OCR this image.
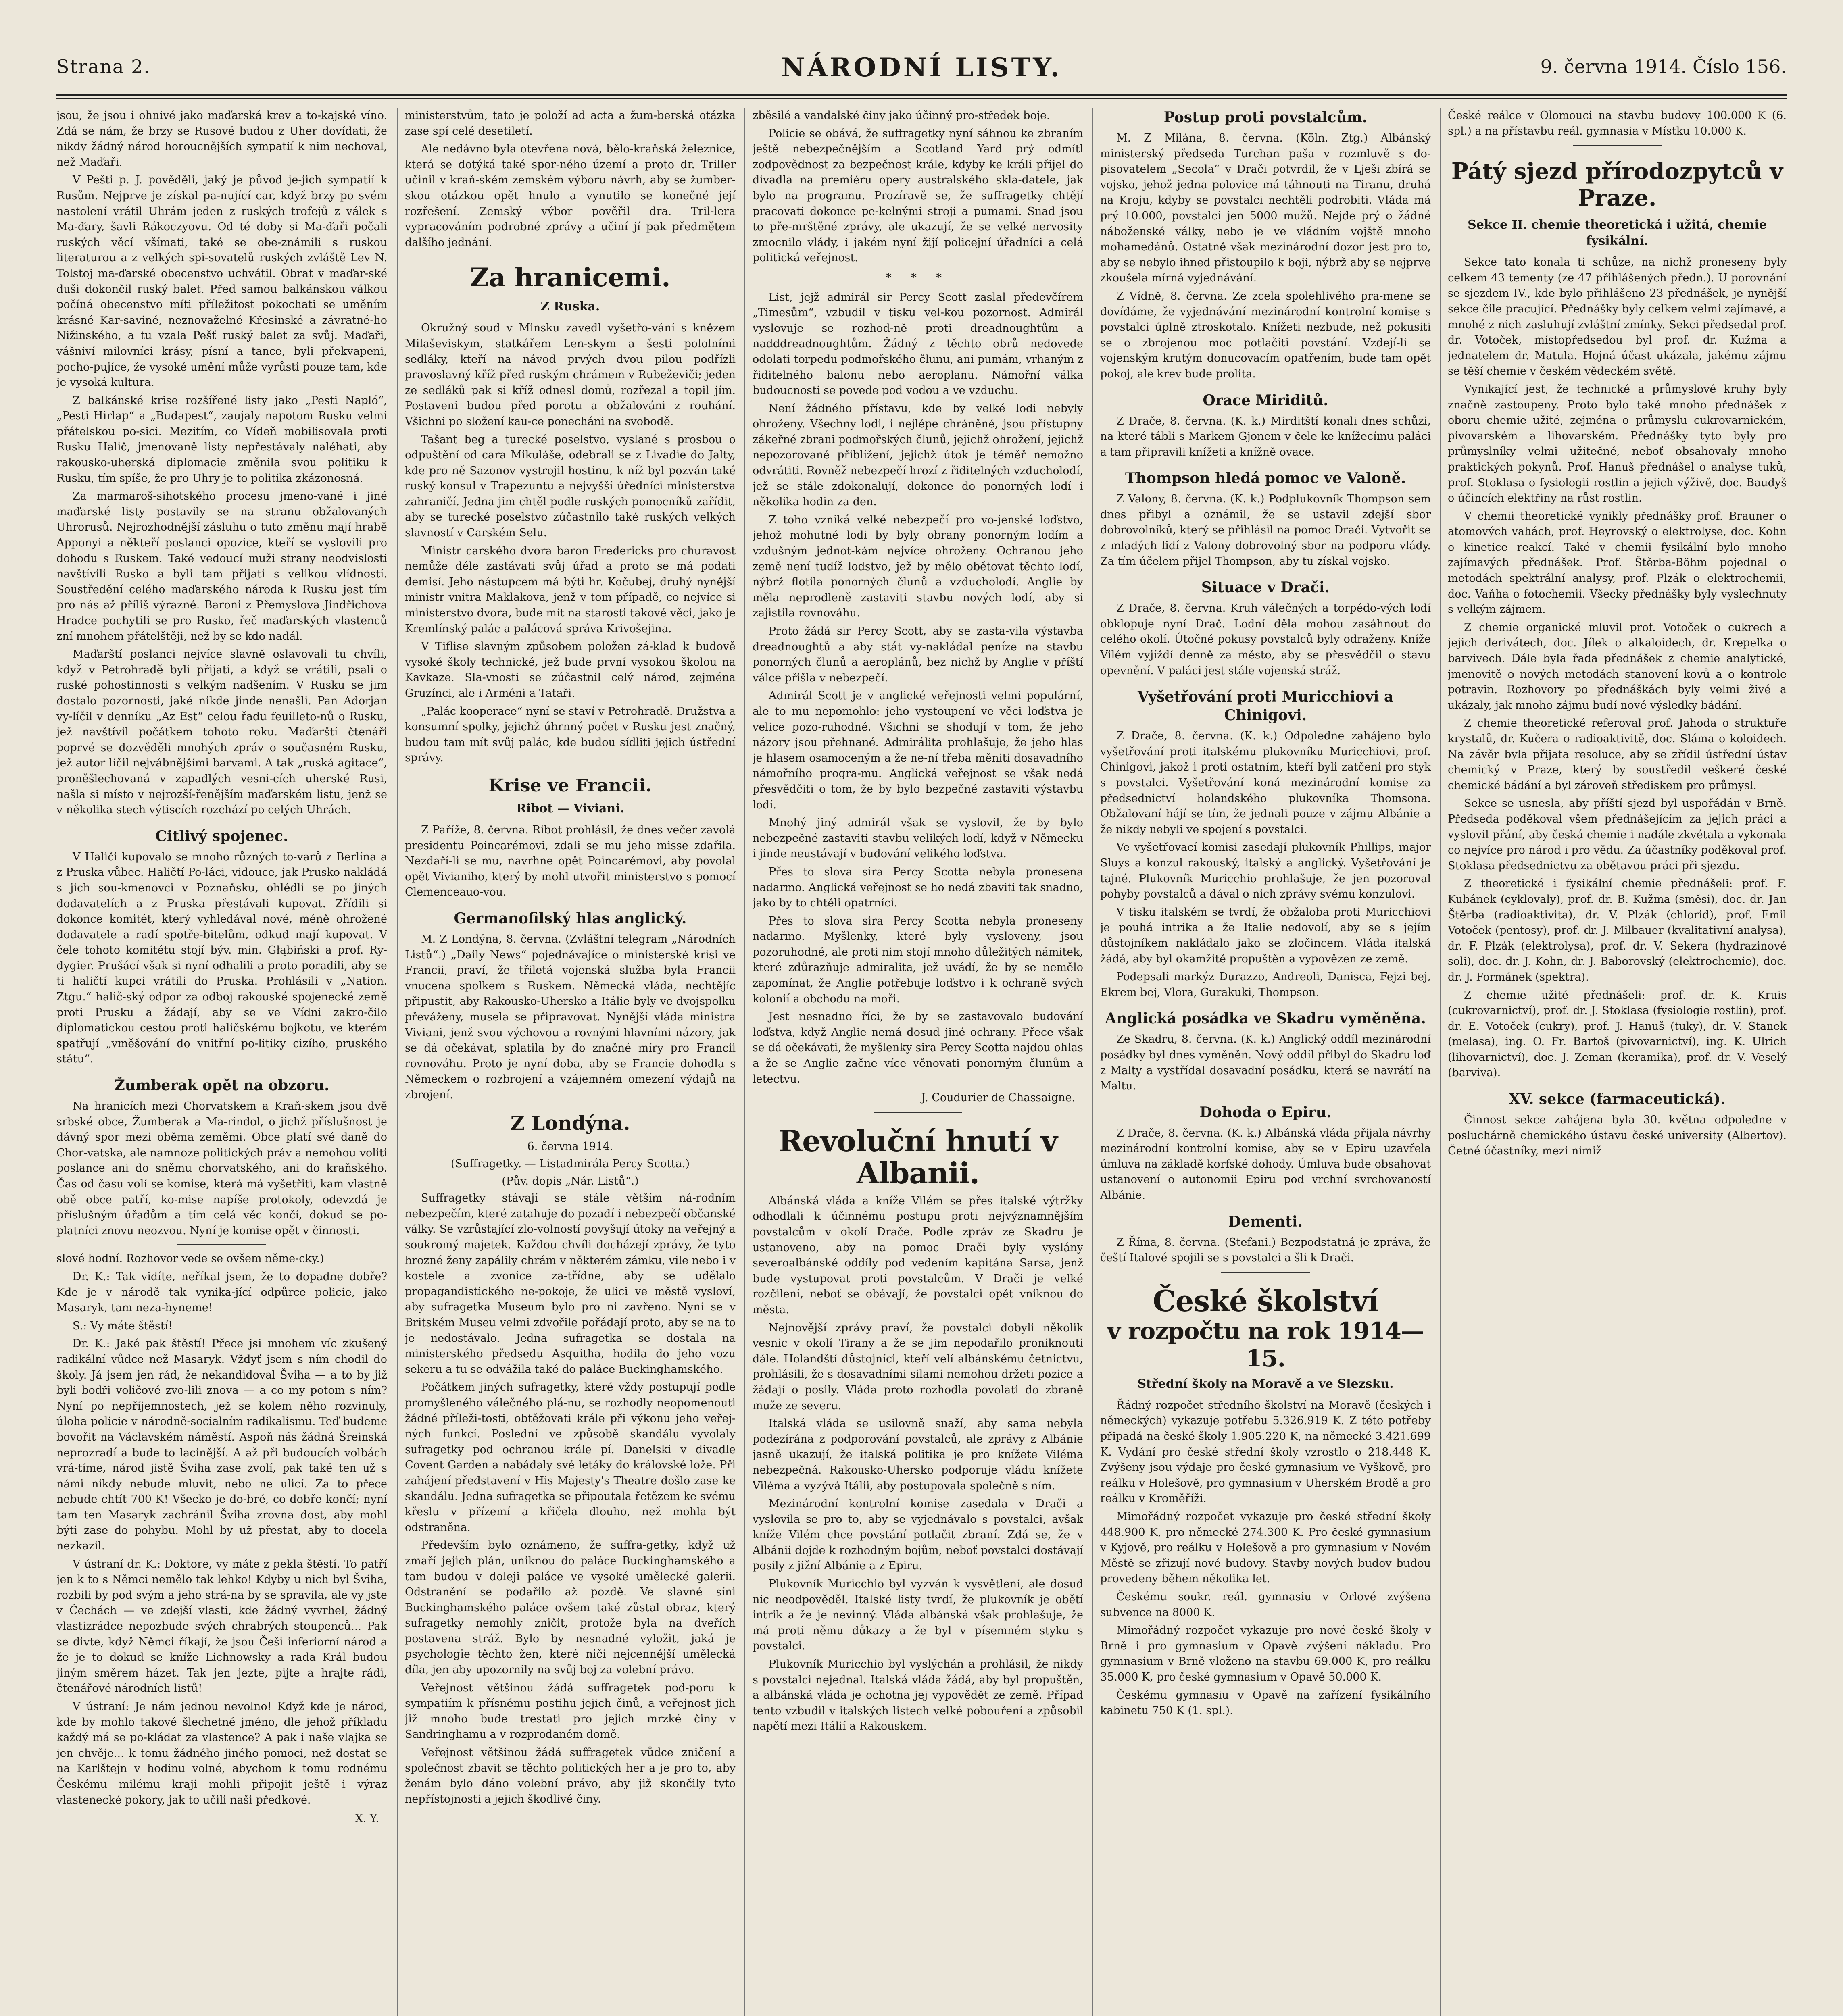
Strana 2.	NÁRODNÍ LISTY.	9. června 1914. Číslo 156.

jsou, že jsou i ohnivé jako maďarská krev a to-kajské víno. Zdá se nám, že brzy se Rusové budou z Uher dovídati, že nikdy žádný národ horoucnějších sympatií k nim nechoval, než Maďaři.

V Pešti p. J. pověděli, jaký je původ je-jich sympatií k Rusům. Nejprve je získal pa-nující car, když brzy po svém nastolení vrátil Uhrám jeden z ruských trofejů z válek s Ma-ďary, šavli Rákoczyovu. Od té doby si Ma-ďaři počali ruských věcí všímati, také se obe-známili s ruskou literaturou a z velkých spi-sovatelů ruských zvláště Lev N. Tolstoj ma-ďarské obecenstvo uchvátil. Obrat v maďar-ské duši dokončil ruský balet. Před samou balkánskou válkou počíná obecenstvo míti příležitost pokochati se uměním krásné Kar-saviné, neznovaželné Křesinské a závratné-ho Nižinského, a tu vzala Pešť ruský balet za svůj. Maďaři, vášniví milovníci krásy, písní a tance, byli překvapeni, pocho-pujíce, že vysoké umění může vyrůsti pouze tam, kde je vysoká kultura.

Z balkánské krise rozšířené listy jako „Pesti Napló“, „Pesti Hirlap“ a „Budapest“, zaujaly napotom Rusku velmi přátelskou po-sici. Mezitím, co Vídeň mobilisovala proti Rusku Halič, jmenovaně listy nepřestávaly naléhati, aby rakousko-uherská diplomacie změnila svou politiku k Rusku, tím spíše, že pro Uhry je to politika zkázonosná.

Za marmaroš-sihotského procesu jmeno-vané i jiné maďarské listy postavily se na stranu obžalovaných Uhrorusů. Nejrozhodnější zásluhu o tuto změnu mají hrabě Apponyi a někteří poslanci opozice, kteří se vyslovili pro dohodu s Ruskem. Také vedoucí muži strany neodvislosti navštívili Rusko a byli tam přijati s velikou vlídností. Soustředění celého maďarského národa k Rusku jest tím pro nás až příliš výrazné. Baroni z Přemyslova Jindřichova Hradce pochytili se pro Rusko, řeč maďarských vlastenců zní mnohem přátelštěji, než by se kdo nadál.

Maďarští poslanci nejvíce slavně oslavovali tu chvíli, když v Petrohradě byli přijati, a když se vrátili, psali o ruské pohostinnosti s velkým nadšením. V Rusku se jim dostalo pozornosti, jaké nikde jinde nenašli. Pan Adorjan vy-líčil v denníku „Az Est“ celou řadu feuilleto-nů o Rusku, jež navštívil počátkem tohoto roku. Maďarští čtenáři poprvé se dozvěděli mnohých zpráv o současném Rusku, jež autor líčil nejvábnějšími barvami. A tak „ruská agitace“, proněšlechovaná v zapadlých vesni-cích uherské Rusi, našla si místo v nejrozší-řenějším maďarském listu, jenž se v několika stech výtiscích rozchází po celých Uhrách.

Citlivý spojenec.

V Haliči kupovalo se mnoho různých to-varů z Berlína a z Pruska vůbec. Haličtí Po-láci, vidouce, jak Prusko nakládá s jich sou-kmenovci v Poznaňsku, ohlédli se po jiných dodavatelích a z Pruska přestávali kupovat. Zřídili si dokonce komitét, který vyhledával nové, méně ohrožené dodavatele a radí spotře-bitelům, odkud mají kupovat. V čele tohoto komitétu stojí býv. min. Głąbiński a prof. Ry-dygier. Prušácí však si nyní odhalili a proto poradili, aby se ti haličtí kupci vrátili do Pruska. Prohlásili v „Nation. Ztgu.“ halič-ský odpor za odboj rakouské spojenecké země proti Prusku a žádají, aby se ve Vídni zakro-čilo diplomatickou cestou proti haličskému bojkotu, ve kterém spatřují „vměšování do vnitřní po-litiky cizího, pruského státu“.

Žumberak opět na obzoru.

Na hranicích mezi Chorvatskem a Kraň-skem jsou dvě srbské obce, Žumberak a Ma-rindol, o jichž příslušnost je dávný spor mezi oběma zeměmi. Obce platí své daně do Chor-vatska, ale namnoze politických práv a nemohou voliti poslance ani do sněmu chorvatského, ani do kraňského. Čas od času volí se komise, která má vyšetřiti, kam vlastně obě obce patří, ko-mise napíše protokoly, odevzdá je příslušným úřadům a tím celá věc končí, dokud se po-platníci znovu neozvou. Nyní je komise opět v činnosti.

slové hodní. Rozhovor vede se ovšem něme-cky.)

Dr. K.: Tak vidíte, neříkal jsem, že to dopadne dobře? Kde je v národě tak vynika-jící odpůrce policie, jako Masaryk, tam neza-hyneme!

S.: Vy máte štěstí!

Dr. K.: Jaké pak štěstí! Přece jsi mnohem víc zkušený radikální vůdce než Masaryk. Vždyť jsem s ním chodil do školy. Já jsem jen rád, že nekandidoval Šviha — a to by již byli bodři voličové zvo-lili znova — a co my potom s ním? Nyní po nepříjemnostech, jež se kolem něho rozvinuly, úloha policie v národně-socialním radikalismu. Teď budeme bovořit na Václavském náměstí. Aspoň nás žádná Šreinská neprozradí a bude to lacinější. A až při budoucích volbách vrá-tíme, národ jistě Šviha zase zvolí, pak také ten už s námi nikdy nebude mluvit, nebo ne ulicí. Za to přece nebude chtít 700 K! Všecko je do-bré, co dobře končí; nyní tam ten Masaryk zachránil Šviha zrovna dost, aby mohl býti zase do pohybu. Mohl by už přestat, aby to docela nezkazil.

V ústraní dr. K.: Doktore, vy máte z pekla štěstí. To patří jen k to s Němci nemělo tak lehko! Kdyby u nich byl Šviha, rozbili by pod svým a jeho strá-na by se spravila, ale vy jste v Čechách — ve zdejší vlasti, kde žádný vyvrhel, žádný vlastizrádce nepozbude svých chrabrých stoupenců... Pak se divte, když Němci říkají, že jsou Češi inferiorní národ a že je to dokud se kníže Lichnowsky a rada Král budou jiným směrem házet. Tak jen jezte, pijte a hrajte rádi, čtenářové národních listů!

V ústraní: Je nám jednou nevolno! Když kde je národ, kde by mohlo takové šlechetné jméno, dle jehož příkladu každý má se po-kládat za vlastence? A pak i naše vlajka se jen chvěje... k tomu žádného jiného pomoci, než dostat se na Karlštejn v hodinu volné, abychom k tomu rodnému Českému milému kraji mohli připojit ještě i výraz vlastenecké pokory, jak to učili naši předkové.

X. Y.

ministerstvům, tato je položí ad acta a žum-berská otázka zase spí celé desetiletí.

Ale nedávno byla otevřena nová, bělo-kraňská železnice, která se dotýká také spor-ného území a proto dr. Triller učinil v kraň-ském zemském výboru návrh, aby se žumber-skou otázkou opět hnulo a vynutilo se konečné její rozřešení. Zemský výbor pověřil dra. Tril-lera vypracováním podrobné zprávy a učiní jí pak předmětem dalšího jednání.

Za hranicemi.
Z Ruska.

Okružný soud v Minsku zavedl vyšetřo-vání s knězem Milaševiskym, statkářem Len-skym a šesti pololními sedláky, kteří na návod prvých dvou pilou podřízli pravoslavný kříž před ruským chrámem v Rubeževiči; jeden ze sedláků pak si kříž odnesl domů, rozřezal a topil jím. Postaveni budou před porotu a obžalováni z rouhání. Všichni po složení kau-ce ponecháni na svobodě.

Tašant beg a turecké poselstvo, vyslané s prosbou o odpuštění od cara Mikuláše, odebrali se z Livadie do Jalty, kde pro ně Sazonov vystrojil hostinu, k níž byl pozván také ruský konsul v Trapezuntu a nejvyšší úředníci ministerstva zahraničí. Jedna jim chtěl podle ruských pomocníků zařídit, aby se turecké poselstvo zúčastnilo také ruských velkých slavností v Carském Selu.

Ministr carského dvora baron Fredericks pro churavost nemůže déle zastávati svůj úřad a proto se má podati demisí. Jeho nástupcem má býti hr. Kočubej, druhý nynější ministr vnitra Maklakova, jenž v tom případě, co nejvíce si ministerstvo dvora, bude mít na starosti takové věci, jako je Kremlínský palác a palácová správa Krivošejina.

V Tiflise slavným způsobem položen zá-klad k budově vysoké školy technické, jež bude první vysokou školou na Kavkaze. Sla-vnosti se zúčastnil celý národ, zejména Gruzínci, ale i Arméni a Tataři.

„Palác kooperace“ nyní se staví v Petrohradě. Družstva a konsumní spolky, jejichž úhrnný počet v Rusku jest značný, budou tam mít svůj palác, kde budou sídliti jejich ústřední správy.

Krise ve Francii.
Ribot — Viviani.

Z Paříže, 8. června. Ribot prohlásil, že dnes večer zavolá presidentu Poincarémovi, zdali se mu jeho misse zdařila. Nezdaří-li se mu, navrhne opět Poincarémovi, aby povolal opět Vivianiho, který by mohl utvořit ministerstvo s pomocí Clemenceauo-vou.

Germanofilský hlas anglický.

M. Z Londýna, 8. června. (Zvláštní telegram „Národních Listů“.) „Daily News“ pojednávajíce o ministerské krisi ve Francii, praví, že třiletá vojenská služba byla Francii vnucena spolkem s Ruskem. Německá vláda, nechtějíc připustit, aby Rakousko-Uhersko a Itálie byly ve dvojspolku převáženy, musela se připravovat. Nynější vláda ministra Viviani, jenž svou výchovou a rovnými hlavními názory, jak se dá očekávat, splatila by do značné míry pro Francii rovnováhu. Proto je nyní doba, aby se Francie dohodla s Německem o rozbrojení a vzájemném omezení výdajů na zbrojení.

Z Londýna.
6. června 1914.
(Suffragetky. — Listadmirála Percy Scotta.)
(Pův. dopis „Nár. Listů“.)

Suffragetky stávají se stále větším ná-rodním nebezpečím, které zatahuje do pozadí i nebezpečí občanské války. Se vzrůstající zlo-volností povyšují útoky na veřejný a soukromý majetek. Každou chvíli docházejí zprávy, že tyto hrozné ženy zapálily chrám v některém zámku, vile nebo i v kostele a zvonice za-třídne, aby se udělalo propagandistického ne-pokoje, že ulici ve městě vysloví, aby sufragetka Museum bylo pro ni zavřeno. Nyní se v Britském Museu velmi zdvořile pořádají proto, aby se na to je nedostávalo. Jedna sufragetka se dostala na ministerského předsedu Asquitha, hodila do jeho vozu sekeru a tu se odvážila také do paláce Buckinghamského.

Počátkem jiných sufragetky, které vždy postupují podle promyšleného válečného plá-nu, se rozhodly neopomenouti žádné příleži-tosti, obtěžovati krále při výkonu jeho veřej-ných funkcí. Poslední ve způsobě skandálu vyvolaly sufragetky pod ochranou krále pí. Danelski v divadle Covent Garden a nabádaly své letáky do královské lože. Při zahájení představení v His Majesty's Theatre došlo zase ke skandálu. Jedna sufragetka se připoutala řetězem ke svému křeslu v přízemí a křičela dlouho, než mohla být odstraněna.

Především bylo oznámeno, že suffra-getky, když už zmaří jejich plán, uniknou do paláce Buckinghamského a tam budou v doleji paláce ve vysoké umělecké galerii. Odstranění se podařilo až pozdě. Ve slavné síni Buckinghamského paláce ovšem také zůstal obraz, který sufragetky nemohly zničit, protože byla na dveřích postavena stráž. Bylo by nesnadné vyložit, jaká je psychologie těchto žen, které ničí nejcennější umělecká díla, jen aby upozornily na svůj boj za volební právo.

Veřejnost většinou žádá suffragetek pod-poru k sympatiím k přísnému postihu jejich činů, a veřejnost jich již mnoho bude trestati pro jejich mrzké činy v Sandringhamu a v rozprodaném domě.

Veřejnost většinou žádá suffragetek vůdce zničení a společnost zbavit se těchto politických her a je pro to, aby ženám bylo dáno volební právo, aby již skončily tyto nepřístojnosti a jejich škodlivé činy.

zběsilé a vandalské činy jako účinný pro-středek boje.

Policie se obává, že suffragetky nyní sáhnou ke zbraním ještě nebezpečnějším a Scotland Yard prý odmítl zodpovědnost za bezpečnost krále, kdyby ke králi přijel do divadla na premiéru opery australského skla-datele, jak bylo na programu. Prozíravě se, že suffragetky chtějí pracovati dokonce pe-kelnými stroji a pumami. Snad jsou to pře-mrštěné zprávy, ale ukazují, že se velké nervosity zmocnilo vlády, i jakém nyní žijí policejní úřadníci a celá politická veřejnost.

* * *

List, jejž admirál sir Percy Scott zaslal předevčírem „Timesům“, vzbudil v tisku vel-kou pozornost. Admirál vyslovuje se rozhod-ně proti dreadnoughtům a nadddreadnoughtům. Žádný z těchto obrů nedovede odolati torpedu podmořského člunu, ani pumám, vrhaným z řiditelného balonu nebo aeroplanu. Námořní válka budoucnosti se povede pod vodou a ve vzduchu.

Není žádného přístavu, kde by velké lodi nebyly ohroženy. Všechny lodi, i nejlépe chráněné, jsou přístupny zákeřné zbrani podmořských člunů, jejichž ohrožení, jejichž nepozorované přiblížení, jejichž útok je téměř nemožno odvrátiti. Rovněž nebezpečí hrozí z řiditelných vzducholodí, jež se stále zdokonalují, dokonce do ponorných lodí i několika hodin za den.

Z toho vzniká velké nebezpečí pro vo-jenské loďstvo, jehož mohutné lodi by byly obrany ponorným lodím a vzdušným jednot-kám nejvíce ohroženy. Ochranou jeho země není tudíž lodstvo, jež by mělo obětovat těchto lodí, nýbrž flotila ponorných člunů a vzducholodí. Anglie by měla neprodleně zastaviti stavbu nových lodí, aby si zajistila rovnováhu.

Proto žádá sir Percy Scott, aby se zasta-vila výstavba dreadnoughtů a aby stát vy-nakládal peníze na stavbu ponorných člunů a aeroplánů, bez nichž by Anglie v příští válce přišla v nebezpečí.

Admirál Scott je v anglické veřejnosti velmi populární, ale to mu nepomohlo: jeho vystoupení ve věci loďstva je velice pozo-ruhodné. Všichni se shodují v tom, že jeho názory jsou přehnané. Admirálita prohlašuje, že jeho hlas je hlasem osamoceným a že ne-ní třeba měniti dosavadního námořního progra-mu. Anglická veřejnost se však nedá přesvědčiti o tom, že by bylo bezpečné zastaviti výstavbu lodí.

Mnohý jiný admirál však se vyslovil, že by bylo nebezpečné zastaviti stavbu velikých lodí, když v Německu i jinde neustávají v budování velikého loďstva.

Přes to slova sira Percy Scotta nebyla pronesena nadarmo. Anglická veřejnost se ho nedá zbaviti tak snadno, jako by to chtěli opatrníci.

Přes to slova sira Percy Scotta nebyla proneseny nadarmo. Myšlenky, které byly vysloveny, jsou pozoruhodné, ale proti nim stojí mnoho důležitých námitek, které zdůrazňuje admiralita, jež uvádí, že by se nemělo zapomínat, že Anglie potřebuje loďstvo i k ochraně svých kolonií a obchodu na moři.

Jest nesnadno říci, že by se zastavovalo budování loďstva, když Anglie nemá dosud jiné ochrany. Přece však se dá očekávati, že myšlenky sira Percy Scotta najdou ohlas a že se Anglie začne více věnovati ponorným člunům a letectvu.

J. Coudurier de Chassaigne.
Revoluční hnutí v Albanii.

Albánská vláda a kníže Vilém se přes italské výtržky odhodlali k účinnému postupu proti nejvýznamnějším povstalcům v okolí Drače. Podle zpráv ze Skadru je ustanoveno, aby na pomoc Drači byly vyslány severoalbánské oddíly pod vedením kapitána Sarsa, jenž bude vystupovat proti povstalcům. V Drači je velké rozčilení, neboť se obávají, že povstalci opět vniknou do města.

Nejnovější zprávy praví, že povstalci dobyli několik vesnic v okolí Tirany a že se jim nepodařilo proniknouti dále. Holandští důstojníci, kteří velí albánskému četnictvu, prohlásili, že s dosavadními silami nemohou držeti pozice a žádají o posily. Vláda proto rozhodla povolati do zbraně muže ze severu.

Italská vláda se usilovně snaží, aby sama nebyla podezírána z podporování povstalců, ale zprávy z Albánie jasně ukazují, že italská politika je pro knížete Viléma nebezpečná. Rakousko-Uhersko podporuje vládu knížete Viléma a vyzývá Itálii, aby postupovala společně s ním.

Mezinárodní kontrolní komise zasedala v Drači a vyslovila se pro to, aby se vyjednávalo s povstalci, avšak kníže Vilém chce povstání potlačit zbraní. Zdá se, že v Albánii dojde k rozhodným bojům, neboť povstalci dostávají posily z jižní Albánie a z Epiru.

Plukovník Muricchio byl vyzván k vysvětlení, ale dosud nic neodpověděl. Italské listy tvrdí, že plukovník je obětí intrik a že je nevinný. Vláda albánská však prohlašuje, že má proti němu důkazy a že byl v písemném styku s povstalci.

Plukovník Muricchio byl vyslýchán a prohlásil, že nikdy s povstalci nejednal. Italská vláda žádá, aby byl propuštěn, a albánská vláda je ochotna jej vypovědět ze země. Případ tento vzbudil v italských listech velké pobouření a způsobil napětí mezi Itálií a Rakouskem.

Postup proti povstalcům.

M. Z Milána, 8. června. (Köln. Ztg.) Albánský ministerský předseda Turchan paša v rozmluvě s do-pisovatelem „Secola“ v Drači potvrdil, že v Lješi zbírá se vojsko, jehož jedna polovice má táhnouti na Tiranu, druhá na Kroju, kdyby se povstalci nechtěli podrobiti. Vláda má prý 10.000, povstalci jen 5000 mužů. Nejde prý o žádné náboženské války, nebo je ve vládním vojště mnoho mohamedánů. Ostatně však mezinárodní dozor jest pro to, aby se nebylo ihned přistoupilo k boji, nýbrž aby se nejprve zkoušela mírná vyjednávání.

Z Vídně, 8. června. Ze zcela spolehlivého pra-mene se dovídáme, že vyjednávání mezinárodní kontrolní komise s povstalci úplně ztroskotalo. Knížeti nezbude, než pokusiti se o zbrojenou moc potlačiti povstání. Vzdejí-li se vojenským krutým donucovacím opatřením, bude tam opět pokoj, ale krev bude prolita.

Orace Miriditů.

Z Drače, 8. června. (K. k.) Mirditští konali dnes schůzi, na které tábli s Markem Gjonem v čele ke knížecímu paláci a tam připravili knížeti a knížně ovace.

Thompson hledá pomoc ve Valoně.

Z Valony, 8. června. (K. k.) Podplukovník Thompson sem dnes přibyl a oznámil, že se ustavil zdejší sbor dobrovolníků, který se přihlásil na pomoc Drači. Vytvořit se z mladých lidí z Valony dobrovolný sbor na podporu vlády. Za tím účelem přijel Thompson, aby tu získal vojsko.

Situace v Drači.

Z Drače, 8. června. Kruh válečných a torpédo-vých lodí obklopuje nyní Drač. Lodní děla mohou zasáhnout do celého okolí. Útočné pokusy povstalců byly odraženy. Kníže Vilém vyjíždí denně za město, aby se přesvědčil o stavu opevnění. V paláci jest stále vojenská stráž.

Vyšetřování proti Muricchiovi a Chinigovi.

Z Drače, 8. června. (K. k.) Odpoledne zahájeno bylo vyšetřování proti italskému plukovníku Muricchiovi, prof. Chinigovi, jakož i proti ostatním, kteří byli zatčeni pro styk s povstalci. Vyšetřování koná mezinárodní komise za předsednictví holandského plukovníka Thomsona. Obžalovaní hájí se tím, že jednali pouze v zájmu Albánie a že nikdy nebyli ve spojení s povstalci.

Ve vyšetřovací komisi zasedají plukovník Phillips, major Sluys a konzul rakouský, italský a anglický. Vyšetřování je tajné. Plukovník Muricchio prohlašuje, že jen pozoroval pohyby povstalců a dával o nich zprávy svému konzulovi.

V tisku italském se tvrdí, že obžaloba proti Muricchiovi je pouhá intrika a že Italie nedovolí, aby se s jejím důstojníkem nakládalo jako se zločincem. Vláda italská žádá, aby byl okamžitě propuštěn a vypovězen ze země.

Podepsali markýz Durazzo, Andreoli, Danisca, Fejzi bej, Ekrem bej, Vlora, Gurakuki, Thompson.

Anglická posádka ve Skadru vyměněna.

Ze Skadru, 8. června. (K. k.) Anglický oddíl mezinárodní posádky byl dnes vyměněn. Nový oddíl přibyl do Skadru loď z Malty a vystřídal dosavadní posádku, která se navrátí na Maltu.

Dohoda o Epiru.

Z Drače, 8. června. (K. k.) Albánská vláda přijala návrhy mezinárodní kontrolní komise, aby se v Epiru uzavřela úmluva na základě korfské dohody. Úmluva bude obsahovat ustanovení o autonomii Epiru pod vrchní svrchovaností Albánie.

Dementi.

Z Říma, 8. června. (Stefani.) Bezpodstatná je zpráva, že čeští Italové spojili se s povstalci a šli k Drači.

České školství
v rozpočtu na rok 1914—15.
Střední školy na Moravě a ve Slezsku.

Řádný rozpočet středního školství na Moravě (českých i německých) vykazuje potřebu 5.326.919 K. Z této potřeby připadá na české školy 1.905.220 K, na německé 3.421.699 K. Vydání pro české střední školy vzrostlo o 218.448 K. Zvýšeny jsou výdaje pro české gymnasium ve Vyškově, pro reálku v Holešově, pro gymnasium v Uherském Brodě a pro reálku v Kroměříži.

Mimořádný rozpočet vykazuje pro české střední školy 448.900 K, pro německé 274.300 K. Pro české gymnasium v Kyjově, pro reálku v Holešově a pro gymnasium v Novém Městě se zřizují nové budovy. Stavby nových budov budou provedeny během několika let.

Českému soukr. reál. gymnasiu v Orlové zvýšena subvence na 8000 K.

Mimořádný rozpočet vykazuje pro nové české školy v Brně i pro gymnasium v Opavě zvýšení nákladu. Pro gymnasium v Brně vloženo na stavbu 69.000 K, pro reálku 35.000 K, pro české gymnasium v Opavě 50.000 K.

Českému gymnasiu v Opavě na zařízení fysikálního kabinetu 750 K (1. spl.).

České reálce v Olomouci na stavbu budovy 100.000 K (6. spl.) a na přístavbu reál. gymnasia v Místku 10.000 K.

Pátý sjezd přírodozpytců v Praze.
Sekce II. chemie theoretická i užitá, chemie fysikální.

Sekce tato konala ti schůze, na nichž proneseny byly celkem 43 tementy (ze 47 přihlášených předn.). U porovnání se sjezdem IV., kde bylo přihlášeno 23 přednášek, je nynější sekce čile pracující. Přednášky byly celkem velmi zajímavé, a mnohé z nich zasluhují zvláštní zmínky. Sekci předsedal prof. dr. Votoček, místopředsedou byl prof. dr. Kužma a jednatelem dr. Matula. Hojná účast ukázala, jakému zájmu se těší chemie v českém vědeckém světě.

Vynikající jest, že technické a průmyslové kruhy byly značně zastoupeny. Proto bylo také mnoho přednášek z oboru chemie užité, zejména o průmyslu cukrovarnickém, pivovarském a lihovarském. Přednášky tyto byly pro průmyslníky velmi užitečné, neboť obsahovaly mnoho praktických pokynů. Prof. Hanuš přednášel o analyse tuků, prof. Stoklasa o fysiologii rostlin a jejich výživě, doc. Baudyš o účincích elektřiny na růst rostlin.

V chemii theoretické vynikly přednášky prof. Brauner o atomových vahách, prof. Heyrovský o elektrolyse, doc. Kohn o kinetice reakcí. Také v chemii fysikální bylo mnoho zajímavých přednášek. Prof. Štěrba-Böhm pojednal o metodách spektrální analysy, prof. Plzák o elektrochemii, doc. Vaňha o fotochemii. Všecky přednášky byly vyslechnuty s velkým zájmem.

Z chemie organické mluvil prof. Votoček o cukrech a jejich derivátech, doc. Jílek o alkaloidech, dr. Krepelka o barvivech. Dále byla řada přednášek z chemie analytické, jmenovitě o nových metodách stanovení kovů a o kontrole potravin. Rozhovory po přednáškách byly velmi živé a ukázaly, jak mnoho zájmu budí nové výsledky bádání.

Z chemie theoretické referoval prof. Jahoda o struktuře krystalů, dr. Kučera o radioaktivitě, doc. Sláma o koloidech. Na závěr byla přijata resoluce, aby se zřídil ústřední ústav chemický v Praze, který by soustředil veškeré české chemické bádání a byl zároveň střediskem pro průmysl.

Sekce se usnesla, aby příští sjezd byl uspořádán v Brně. Předseda poděkoval všem přednášejícím za jejich práci a vyslovil přání, aby česká chemie i nadále zkvétala a vykonala co nejvíce pro národ i pro vědu. Za účastníky poděkoval prof. Stoklasa předsednictvu za obětavou práci při sjezdu.

Z theoretické i fysikální chemie přednášeli: prof. F. Kubánek (cyklovaly), prof. dr. B. Kužma (směsi), doc. dr. Jan Štěrba (radioaktivita), dr. V. Plzák (chlorid), prof. Emil Votoček (pentosy), prof. dr. J. Milbauer (kvalitativní analysa), dr. F. Plzák (elektrolysa), prof. dr. V. Sekera (hydrazinové soli), doc. dr. J. Kohn, dr. J. Baborovský (elektrochemie), doc. dr. J. Formánek (spektra).

Z chemie užité přednášeli: prof. dr. K. Kruis (cukrovarnictví), prof. dr. J. Stoklasa (fysiologie rostlin), prof. dr. E. Votoček (cukry), prof. J. Hanuš (tuky), dr. V. Stanek (melasa), ing. O. Fr. Bartoš (pivovarnictví), ing. K. Ulrich (lihovarnictví), doc. J. Zeman (keramika), prof. dr. V. Veselý (barviva).

XV. sekce (farmaceutická).

Činnost sekce zahájena byla 30. května odpoledne v posluchárně chemického ústavu české university (Albertov). Četné účastníky, mezi nimiž
